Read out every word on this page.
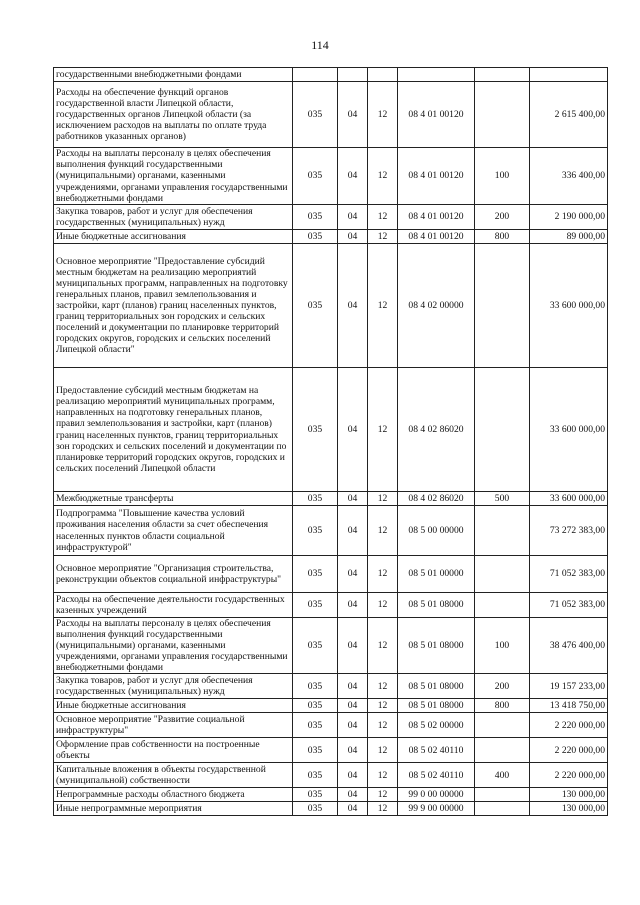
114
государственными внебюджетными фондами						
Расходы на обеспечение функций органов государственной власти Липецкой области, государственных органов Липецкой области (за исключением расходов на выплаты по оплате труда работников указанных органов)	035	04	12	08 4 01 00120		2 615 400,00
Расходы на выплаты персоналу в целях обеспечения выполнения функций государственными (муниципальными) органами, казенными учреждениями, органами управления государственными внебюджетными фондами	035	04	12	08 4 01 00120	100	336 400,00
Закупка товаров, работ и услуг для обеспечения государственных (муниципальных) нужд	035	04	12	08 4 01 00120	200	2 190 000,00
Иные бюджетные ассигнования	035	04	12	08 4 01 00120	800	89 000,00
Основное мероприятие "Предоставление субсидий местным бюджетам на реализацию мероприятий муниципальных программ, направленных на подготовку генеральных планов, правил землепользования и застройки, карт (планов) границ населенных пунктов, границ территориальных зон городских и сельских поселений и документации по планировке территорий городских округов, городских и сельских поселений Липецкой области"	035	04	12	08 4 02 00000		33 600 000,00
Предоставление субсидий местным бюджетам на реализацию мероприятий муниципальных программ, направленных на подготовку генеральных планов, правил землепользования и застройки, карт (планов) границ населенных пунктов, границ территориальных зон городских и сельских поселений и документации по планировке территорий городских округов, городских и сельских поселений Липецкой области	035	04	12	08 4 02 86020		33 600 000,00
Межбюджетные трансферты	035	04	12	08 4 02 86020	500	33 600 000,00
Подпрограмма "Повышение качества условий проживания населения области за счет обеспечения населенных пунктов области социальной инфраструктурой"	035	04	12	08 5 00 00000		73 272 383,00
Основное мероприятие "Организация строительства, реконструкции объектов социальной инфраструктуры"	035	04	12	08 5 01 00000		71 052 383,00
Расходы на обеспечение деятельности государственных казенных учреждений	035	04	12	08 5 01 08000		71 052 383,00
Расходы на выплаты персоналу в целях обеспечения выполнения функций государственными (муниципальными) органами, казенными учреждениями, органами управления государственными внебюджетными фондами	035	04	12	08 5 01 08000	100	38 476 400,00
Закупка товаров, работ и услуг для обеспечения государственных (муниципальных) нужд	035	04	12	08 5 01 08000	200	19 157 233,00
Иные бюджетные ассигнования	035	04	12	08 5 01 08000	800	13 418 750,00
Основное мероприятие "Развитие социальной инфраструктуры"	035	04	12	08 5 02 00000		2 220 000,00
Оформление прав собственности на построенные объекты	035	04	12	08 5 02 40110		2 220 000,00
Капитальные вложения в объекты государственной (муниципальной) собственности	035	04	12	08 5 02 40110	400	2 220 000,00
Непрограммные расходы областного бюджета	035	04	12	99 0 00 00000		130 000,00
Иные непрограммные мероприятия	035	04	12	99 9 00 00000		130 000,00
